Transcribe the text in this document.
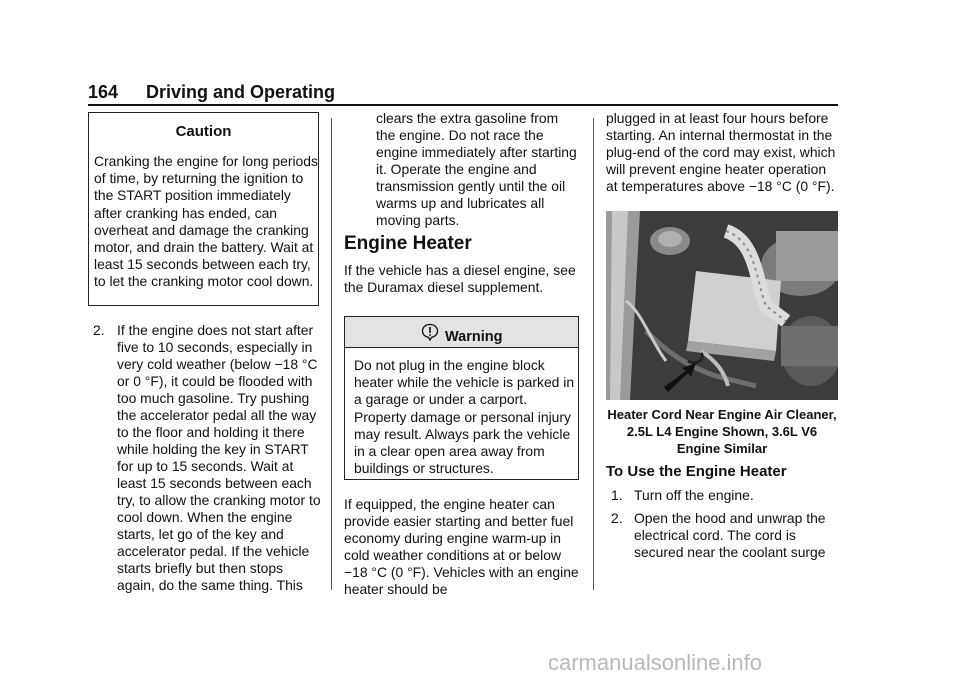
164 Driving and Operating
Caution
Cranking the engine for long periods of time, by returning the ignition to the START position immediately after cranking has ended, can overheat and damage the cranking motor, and drain the battery. Wait at least 15 seconds between each try, to let the cranking motor cool down.
2. If the engine does not start after five to 10 seconds, especially in very cold weather (below −18 °C or 0 °F), it could be flooded with too much gasoline. Try pushing the accelerator pedal all the way to the floor and holding it there while holding the key in START for up to 15 seconds. Wait at least 15 seconds between each try, to allow the cranking motor to cool down. When the engine starts, let go of the key and accelerator pedal. If the vehicle starts briefly but then stops again, do the same thing. This
clears the extra gasoline from the engine. Do not race the engine immediately after starting it. Operate the engine and transmission gently until the oil warms up and lubricates all moving parts.
Engine Heater
If the vehicle has a diesel engine, see the Duramax diesel supplement.
Warning
Do not plug in the engine block heater while the vehicle is parked in a garage or under a carport. Property damage or personal injury may result. Always park the vehicle in a clear open area away from buildings or structures.
If equipped, the engine heater can provide easier starting and better fuel economy during engine warm-up in cold weather conditions at or below −18 °C (0 °F). Vehicles with an engine heater should be
plugged in at least four hours before starting. An internal thermostat in the plug-end of the cord may exist, which will prevent engine heater operation at temperatures above −18 °C (0 °F).
Heater Cord Near Engine Air Cleaner, 2.5L L4 Engine Shown, 3.6L V6 Engine Similar
To Use the Engine Heater
1. Turn off the engine.
2. Open the hood and unwrap the electrical cord. The cord is secured near the coolant surge
carmanualsonline.info
